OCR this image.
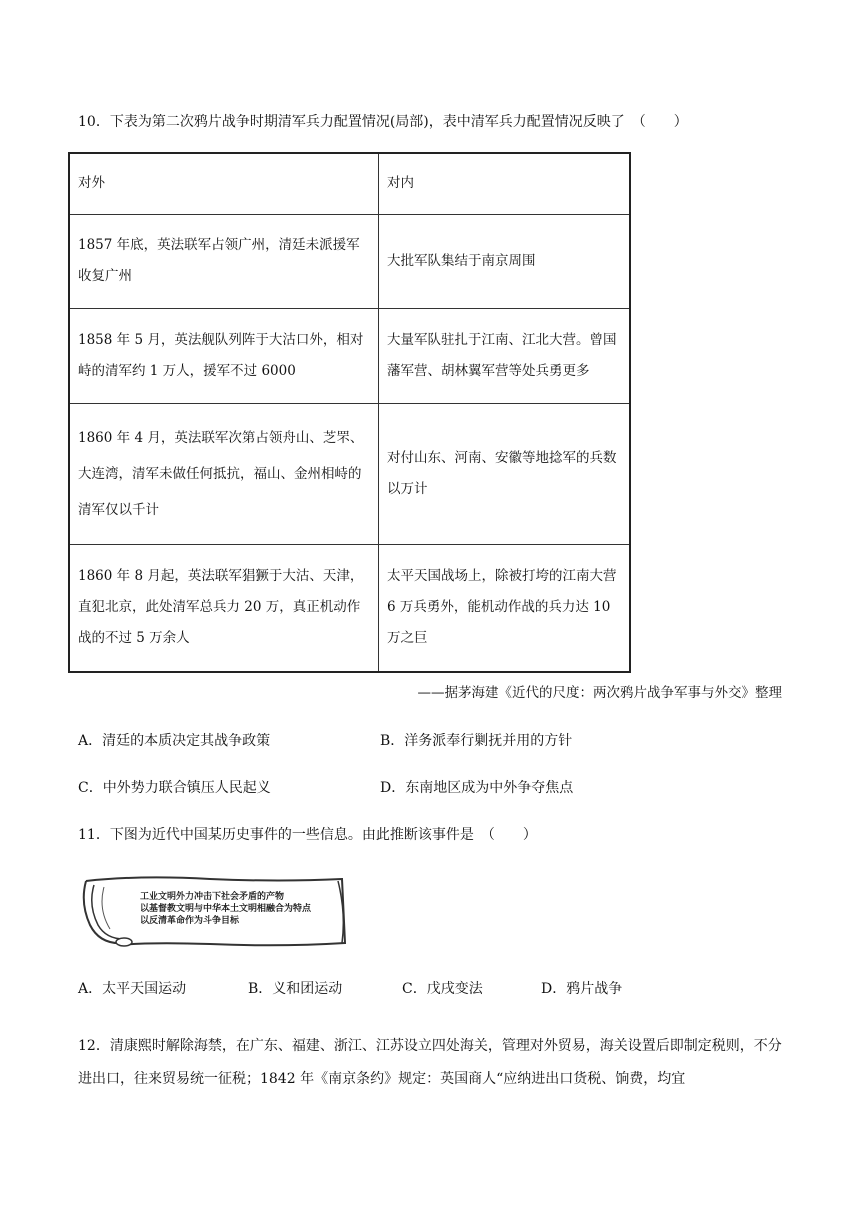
10．下表为第二次鸦片战争时期清军兵力配置情况(局部)，表中清军兵力配置情况反映了　（　　）
对外	对内
1857 年底，英法联军占领广州，清廷未派援军收复广州	大批军队集结于南京周围
1858 年 5 月，英法舰队列阵于大沽口外，相对峙的清军约 1 万人，援军不过 6000	大量军队驻扎于江南、江北大营。曾国藩军营、胡林翼军营等处兵勇更多
1860 年 4 月，英法联军次第占领舟山、芝罘、大连湾，清军未做任何抵抗，福山、金州相峙的清军仅以千计	对付山东、河南、安徽等地捻军的兵数以万计
1860 年 8 月起，英法联军猖獗于大沽、天津，直犯北京，此处清军总兵力 20 万，真正机动作战的不过 5 万余人	太平天国战场上，除被打垮的江南大营 6 万兵勇外，能机动作战的兵力达 10 万之巨
——据茅海建《近代的尺度：两次鸦片战争军事与外交》整理
A．清廷的本质决定其战争政策	B．洋务派奉行剿抚并用的方针
C．中外势力联合镇压人民起义	D．东南地区成为中外争夺焦点
11．下图为近代中国某历史事件的一些信息。由此推断该事件是　（　　）
工业文明外力冲击下社会矛盾的产物
以基督教文明与中华本土文明相融合为特点
以反清革命作为斗争目标
A．太平天国运动	B．义和团运动	C．戊戌变法	D．鸦片战争
12．清康熙时解除海禁，在广东、福建、浙江、江苏设立四处海关，管理对外贸易，海关设置后即制定税则，不分进出口，往来贸易统一征税；1842 年《南京条约》规定：英国商人“应纳进出口货税、饷费，均宜
